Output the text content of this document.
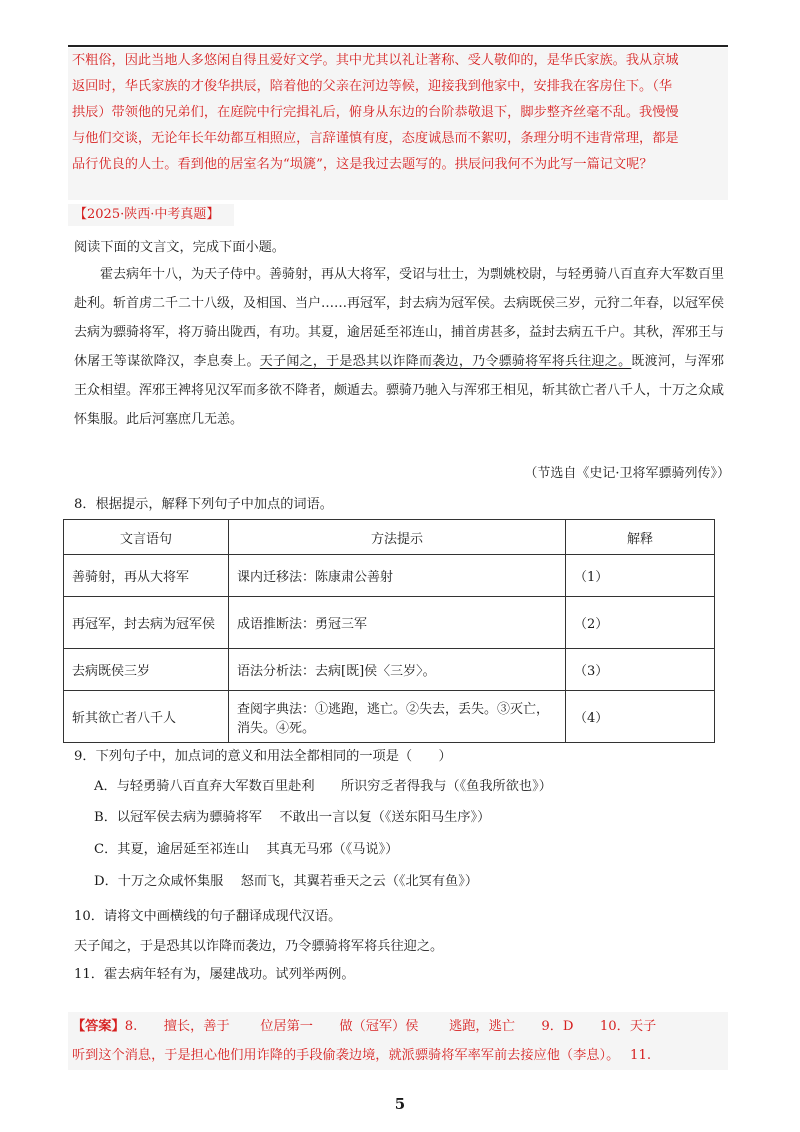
不粗俗，因此当地人多悠闲自得且爱好文学。其中尤其以礼让著称、受人敬仰的，是华氏家族。我从京城

返回时，华氏家族的才俊华拱辰，陪着他的父亲在河边等候，迎接我到他家中，安排我在客房住下。（华

拱辰）带领他的兄弟们，在庭院中行完揖礼后，俯身从东边的台阶恭敬退下，脚步整齐丝毫不乱。我慢慢

与他们交谈，无论年长年幼都互相照应，言辞谨慎有度，态度诚恳而不絮叨，条理分明不违背常理，都是

品行优良的人士。看到他的居室名为“埙篪”，这是我过去题写的。拱辰问我何不为此写一篇记文呢？

【2025·陕西·中考真题】
阅读下面的文言文，完成下面小题。

霍去病年十八，为天子侍中。善骑射，再从大将军，受诏与壮士，为剽姚校尉，与轻勇骑八百直弃大军数百里赴利。斩首虏二千二十八级，及相国、当户……再冠军，封去病为冠军侯。去病既侯三岁，元狩二年春，以冠军侯去病为骠骑将军，将万骑出陇西，有功。其夏，逾居延至祁连山，捕首虏甚多，益封去病五千户。其秋，浑邪王与休屠王等谋欲降汉，李息奏上。天子闻之，于是恐其以诈降而袭边，乃令骠骑将军将兵往迎之。既渡河，与浑邪王众相望。浑邪王裨将见汉军而多欲不降者，颇遁去。骠骑乃驰入与浑邪王相见，斩其欲亡者八千人，十万之众咸怀集服。此后河塞庶几无恙。

（节选自《史记·卫将军骠骑列传》）
8．根据提示，解释下列句子中加点的词语。
文言语句	方法提示	解释
善骑射，再从大将军	课内迁移法：陈康肃公善射	（1）
再冠军，封去病为冠军侯	成语推断法：勇冠三军	（2）
去病既侯三岁	语法分析法：去病[既]侯〈三岁〉。	（3）
斩其欲亡者八千人	查阅字典法：①逃跑，逃亡。②失去，丢失。③灭亡，消失。④死。	（4）
9．下列句子中，加点词的意义和用法全都相同的一项是（　　）
A．与轻勇骑八百直弃大军数百里赴利　　所识穷乏者得我与（《鱼我所欲也》）
B．以冠军侯去病为骠骑将军　 不敢出一言以复（《送东阳马生序》）
C．其夏，逾居延至祁连山　 其真无马邪（《马说》）
D．十万之众咸怀集服　 怒而飞，其翼若垂天之云（《北冥有鱼》）
10．请将文中画横线的句子翻译成现代汉语。
天子闻之，于是恐其以诈降而袭边，乃令骠骑将军将兵往迎之。
11．霍去病年轻有为，屡建战功。试列举两例。
【答案】8.　　擅长，善于　　 位居第一　　做（冠军）侯　　 逃跑，逃亡　　9．D　　10．天子
听到这个消息，于是担心他们用诈降的手段偷袭边境，就派骠骑将军率军前去接应他（李息）。　 11.
5
